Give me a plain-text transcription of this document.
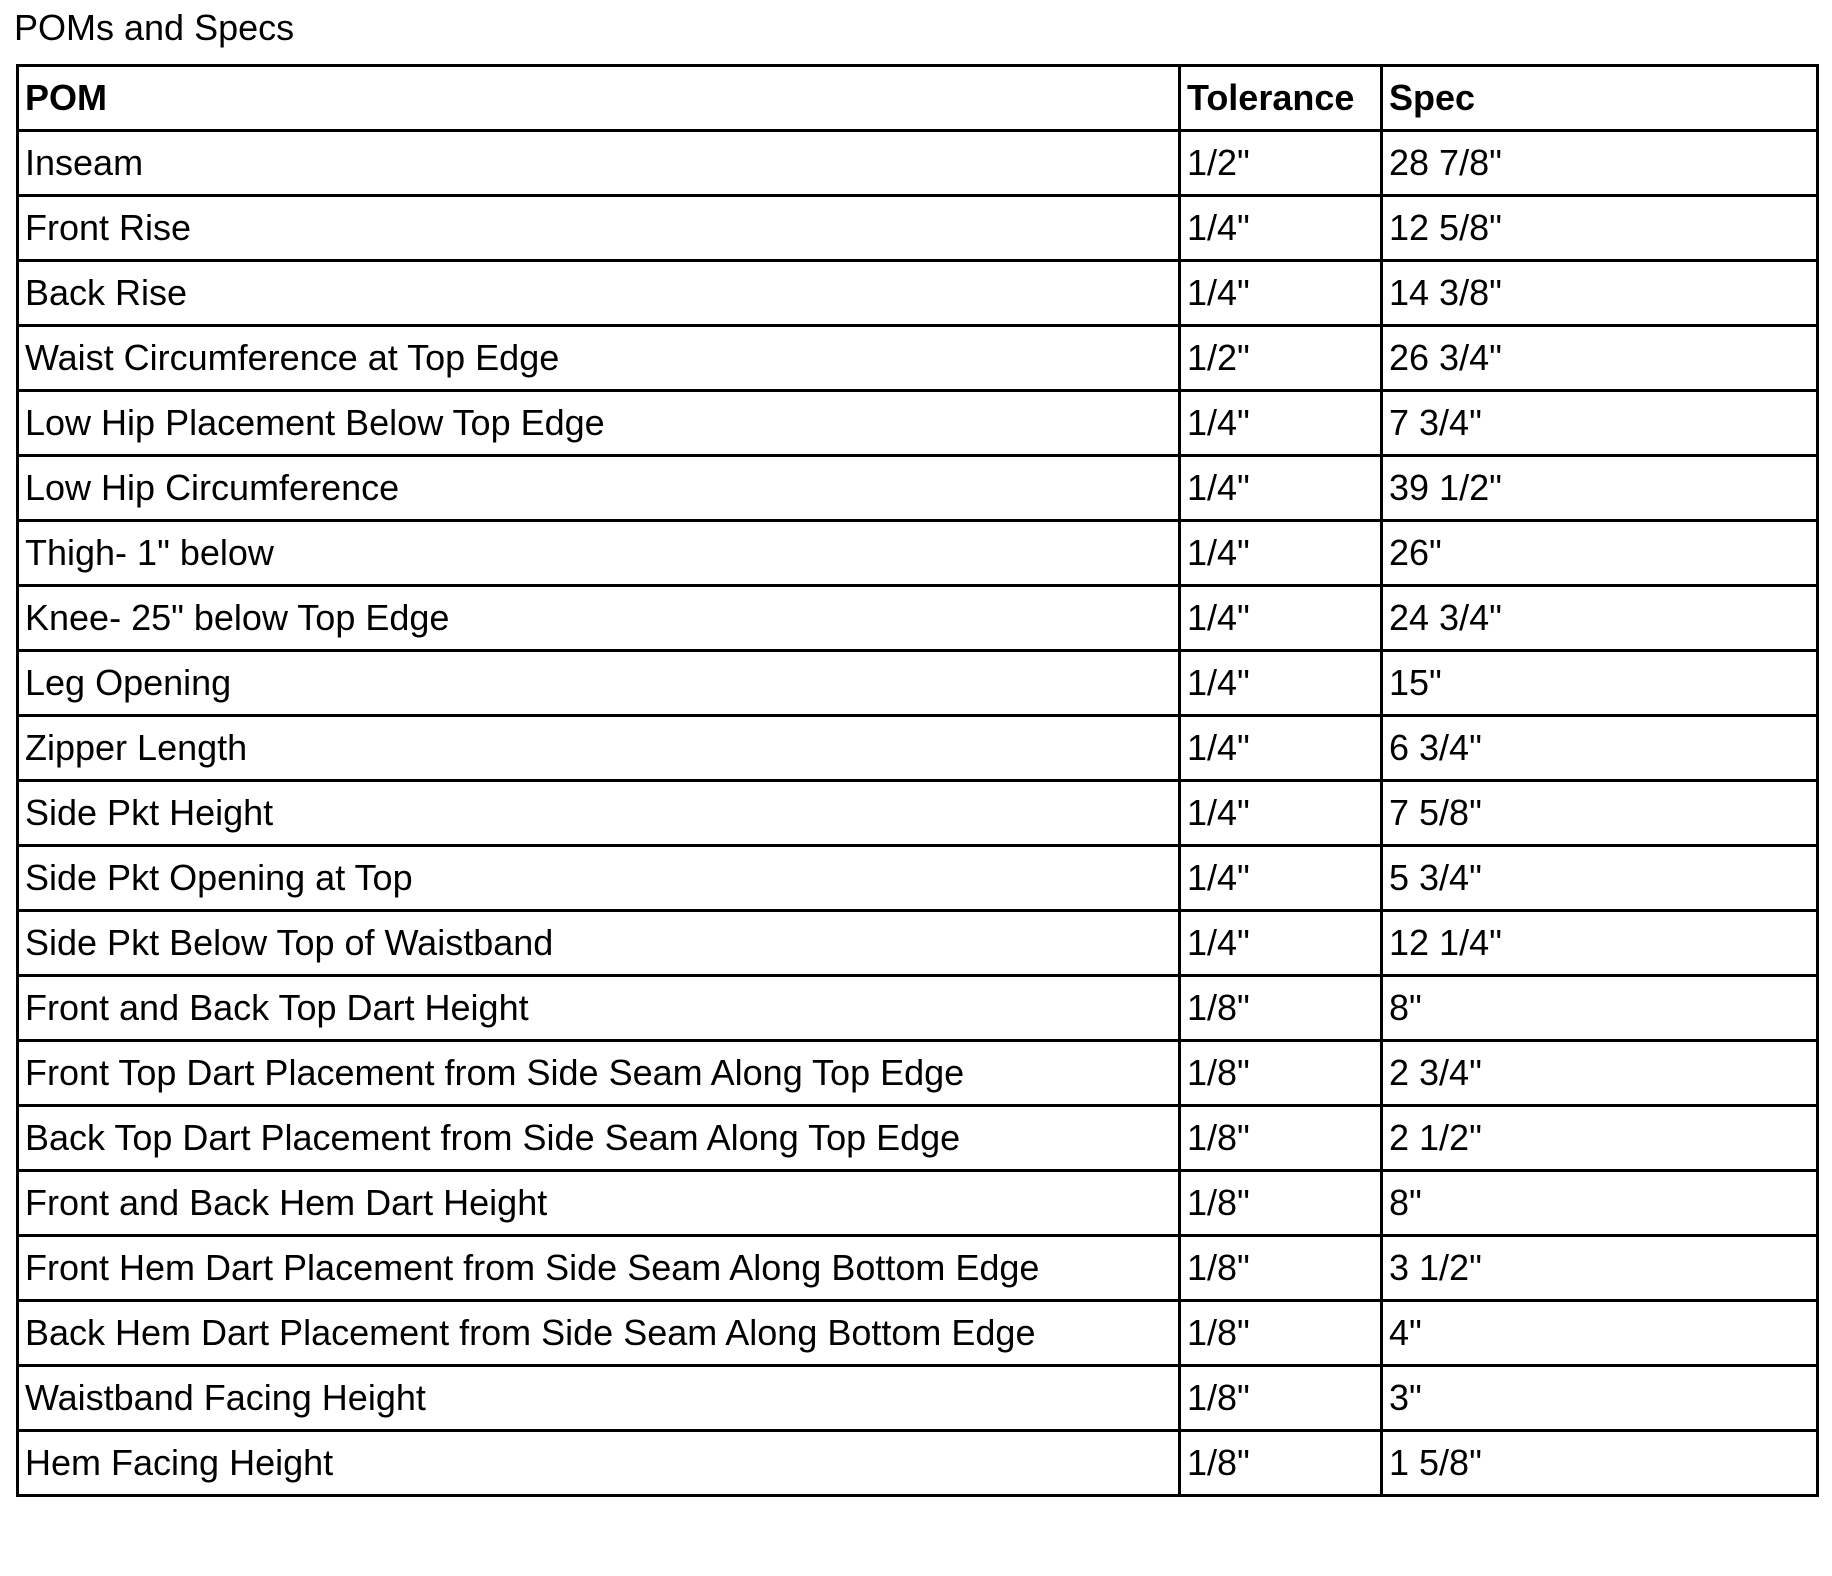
POMs and Specs
POM	Tolerance	Spec
Inseam	1/2"	28 7/8"
Front Rise	1/4"	12 5/8"
Back Rise	1/4"	14 3/8"
Waist Circumference at Top Edge	1/2"	26 3/4"
Low Hip Placement Below Top Edge	1/4"	7 3/4"
Low Hip Circumference	1/4"	39 1/2"
Thigh- 1" below	1/4"	26"
Knee- 25" below Top Edge	1/4"	24 3/4"
Leg Opening	1/4"	15"
Zipper Length	1/4"	6 3/4"
Side Pkt Height	1/4"	7 5/8"
Side Pkt Opening at Top	1/4"	5 3/4"
Side Pkt Below Top of Waistband	1/4"	12 1/4"
Front and Back Top Dart Height	1/8"	8"
Front Top Dart Placement from Side Seam Along Top Edge	1/8"	2 3/4"
Back Top Dart Placement from Side Seam Along Top Edge	1/8"	2 1/2"
Front and Back Hem Dart Height	1/8"	8"
Front Hem Dart Placement from Side Seam Along Bottom Edge	1/8"	3 1/2"
Back Hem Dart Placement from Side Seam Along Bottom Edge	1/8"	4"
Waistband Facing Height	1/8"	3"
Hem Facing Height	1/8"	1 5/8"
